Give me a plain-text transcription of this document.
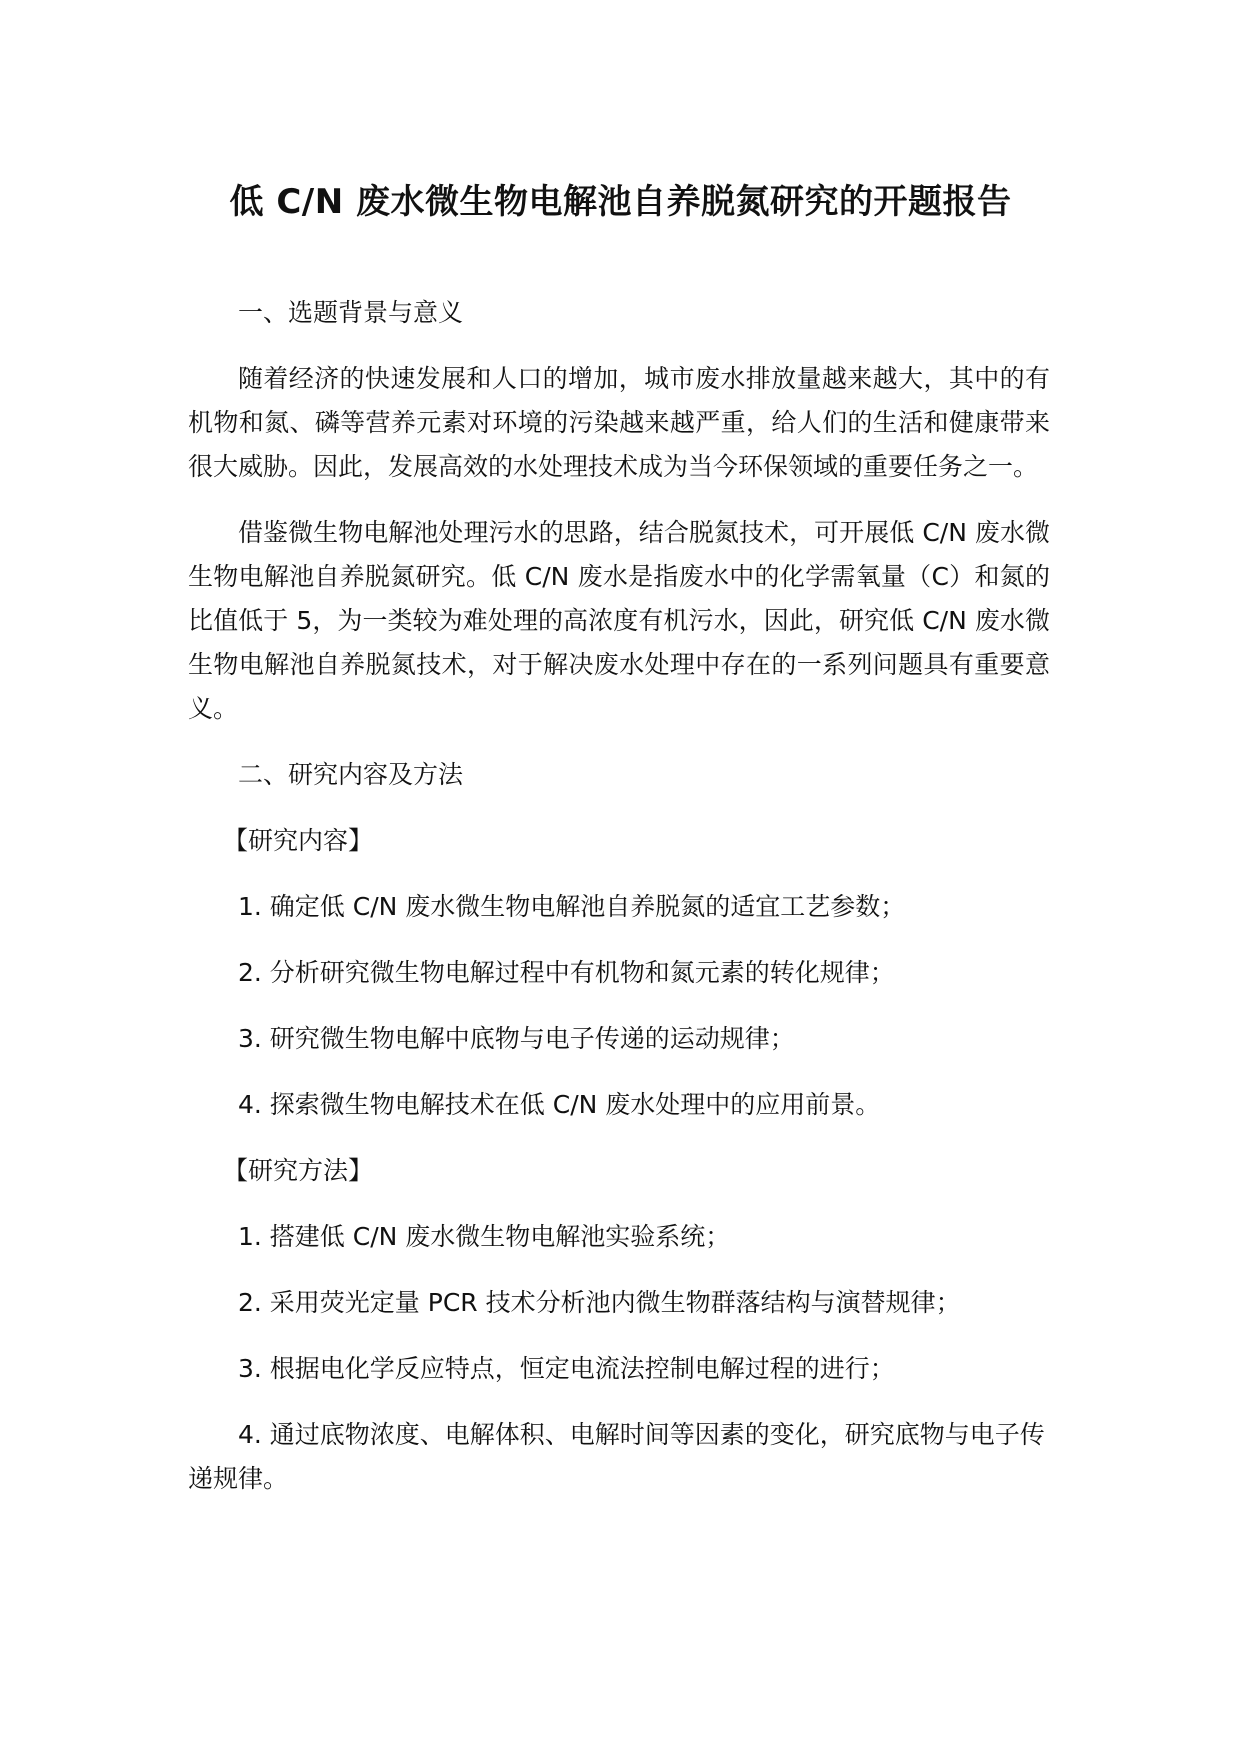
低 C/N 废水微生物电解池自养脱氮研究的开题报告

一、选题背景与意义

随着经济的快速发展和人口的增加，城市废水排放量越来越大，其中的有机物和氮、磷等营养元素对环境的污染越来越严重，给人们的生活和健康带来很大威胁。因此，发展高效的水处理技术成为当今环保领域的重要任务之一。

借鉴微生物电解池处理污水的思路，结合脱氮技术，可开展低 C/N 废水微生物电解池自养脱氮研究。低 C/N 废水是指废水中的化学需氧量（C）和氮的比值低于 5，为一类较为难处理的高浓度有机污水，因此，研究低 C/N 废水微生物电解池自养脱氮技术，对于解决废水处理中存在的一系列问题具有重要意义。

二、研究内容及方法

【研究内容】

1. 确定低 C/N 废水微生物电解池自养脱氮的适宜工艺参数；

2. 分析研究微生物电解过程中有机物和氮元素的转化规律；

3. 研究微生物电解中底物与电子传递的运动规律；

4. 探索微生物电解技术在低 C/N 废水处理中的应用前景。

【研究方法】

1. 搭建低 C/N 废水微生物电解池实验系统；

2. 采用荧光定量 PCR 技术分析池内微生物群落结构与演替规律；

3. 根据电化学反应特点，恒定电流法控制电解过程的进行；

4. 通过底物浓度、电解体积、电解时间等因素的变化，研究底物与电子传递规律。
